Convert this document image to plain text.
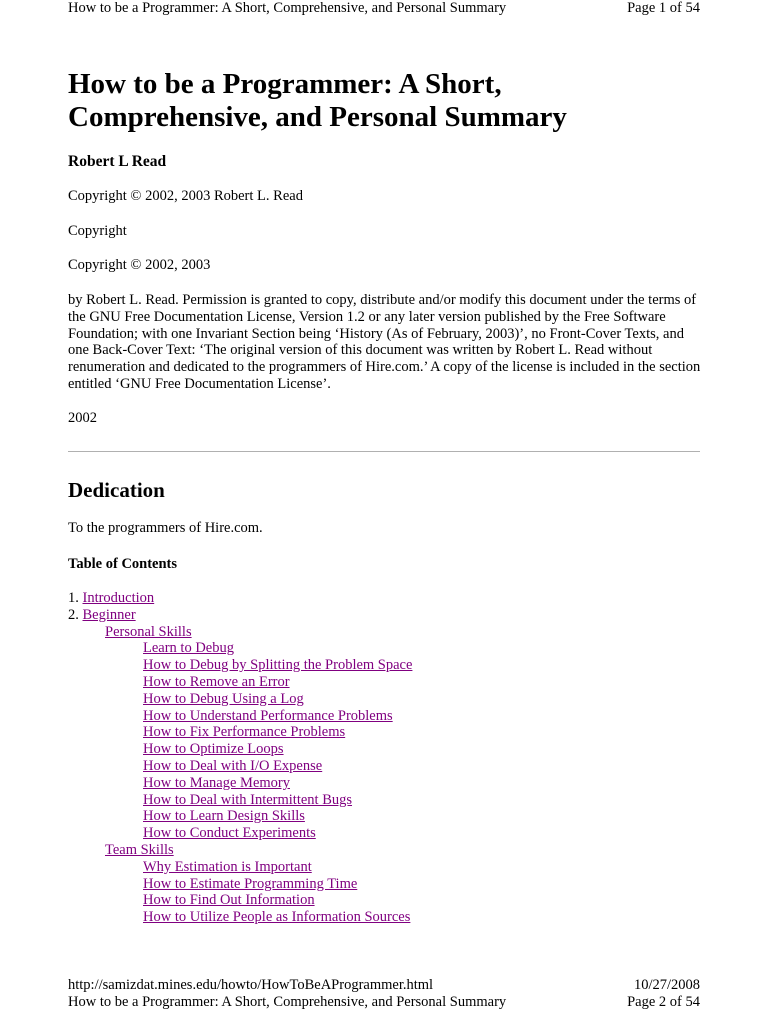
How to be a Programmer: A Short, Comprehensive, and Personal Summary	Page 1 of 54
How to be a Programmer: A Short, Comprehensive, and Personal Summary

Robert L Read

Copyright © 2002, 2003 Robert L. Read

Copyright

Copyright © 2002, 2003

by Robert L. Read. Permission is granted to copy, distribute and/or modify this document under the terms of the GNU Free Documentation License, Version 1.2 or any later version published by the Free Software Foundation; with one Invariant Section being ‘History (As of February, 2003)’, no Front-Cover Texts, and one Back-Cover Text: ‘The original version of this document was written by Robert L. Read without renumeration and dedicated to the programmers of Hire.com.’ A copy of the license is included in the section entitled ‘GNU Free Documentation License’.

2002

Dedication

To the programmers of Hire.com.

Table of Contents

1. Introduction
2. Beginner
Personal Skills
Learn to Debug
How to Debug by Splitting the Problem Space
How to Remove an Error
How to Debug Using a Log
How to Understand Performance Problems
How to Fix Performance Problems
How to Optimize Loops
How to Deal with I/O Expense
How to Manage Memory
How to Deal with Intermittent Bugs
How to Learn Design Skills
How to Conduct Experiments
Team Skills
Why Estimation is Important
How to Estimate Programming Time
How to Find Out Information
How to Utilize People as Information Sources
http://samizdat.mines.edu/howto/HowToBeAProgrammer.html	10/27/2008
How to be a Programmer: A Short, Comprehensive, and Personal Summary	Page 2 of 54
